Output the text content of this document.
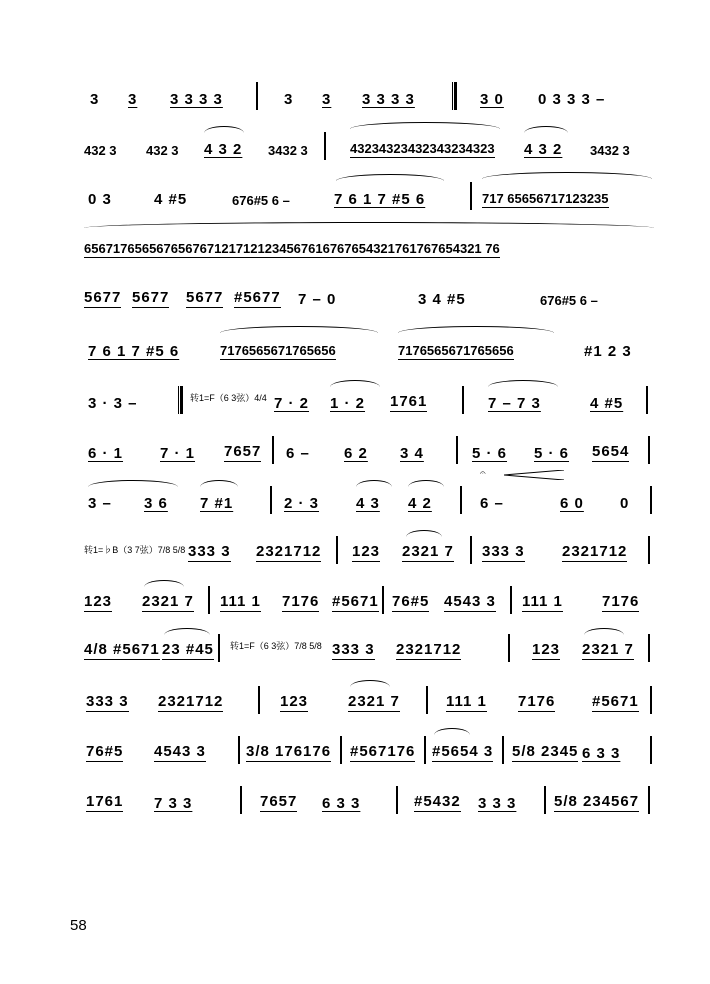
3 3 3 3 3 3	3 3 3 3 3 3	3 0 0 3 3 3 –
432 3 432 3 4 3 2 3432 3	43234323432343234323 4 3 2 3432 3
0 3	4 #5	676#5 6 –	7 6 1 7 #5 6	717 65656717123235
6567176565676567671217121234567616767654321761767654321 76
5677 5677 5677 #5677 7 – 0	3 4 #5	676#5 6 –
7 6 1 7 #5 6	7176565671765656	7176565671765656	#1 2 3
3 · 3 –	转1=F（6 3弦）4/4 7 · 2 1 · 2 1761	7 – 7 3	4 #5
6 · 1 7 · 1 7657 6 – 6 2 3 4	5 · 6 5 · 6 5654
3 – 3 6 7 #1	2 · 3 4 3 4 2
𝄐
6 –	6 0 0
转1=♭B（3 7弦）7/8 5/8 333 3 2321712 123 2321 7 333 3 2321712
123 2321 7 111 1 7176 #5671 76#5 4543 3 111 1	7176
4/8 #5671 23 #45 转1=F（6 3弦）7/8 5/8 333 3 2321712	123 2321 7
333 3 2321712	123	2321 7	111 1 7176 #5671
76#5 4543 3	3/8 176176 #567176 #5654 3 5/8 2345 6 3 3
1761 7 3 3	7657 6 3 3	#5432 3 3 3	5/8 234567
58
